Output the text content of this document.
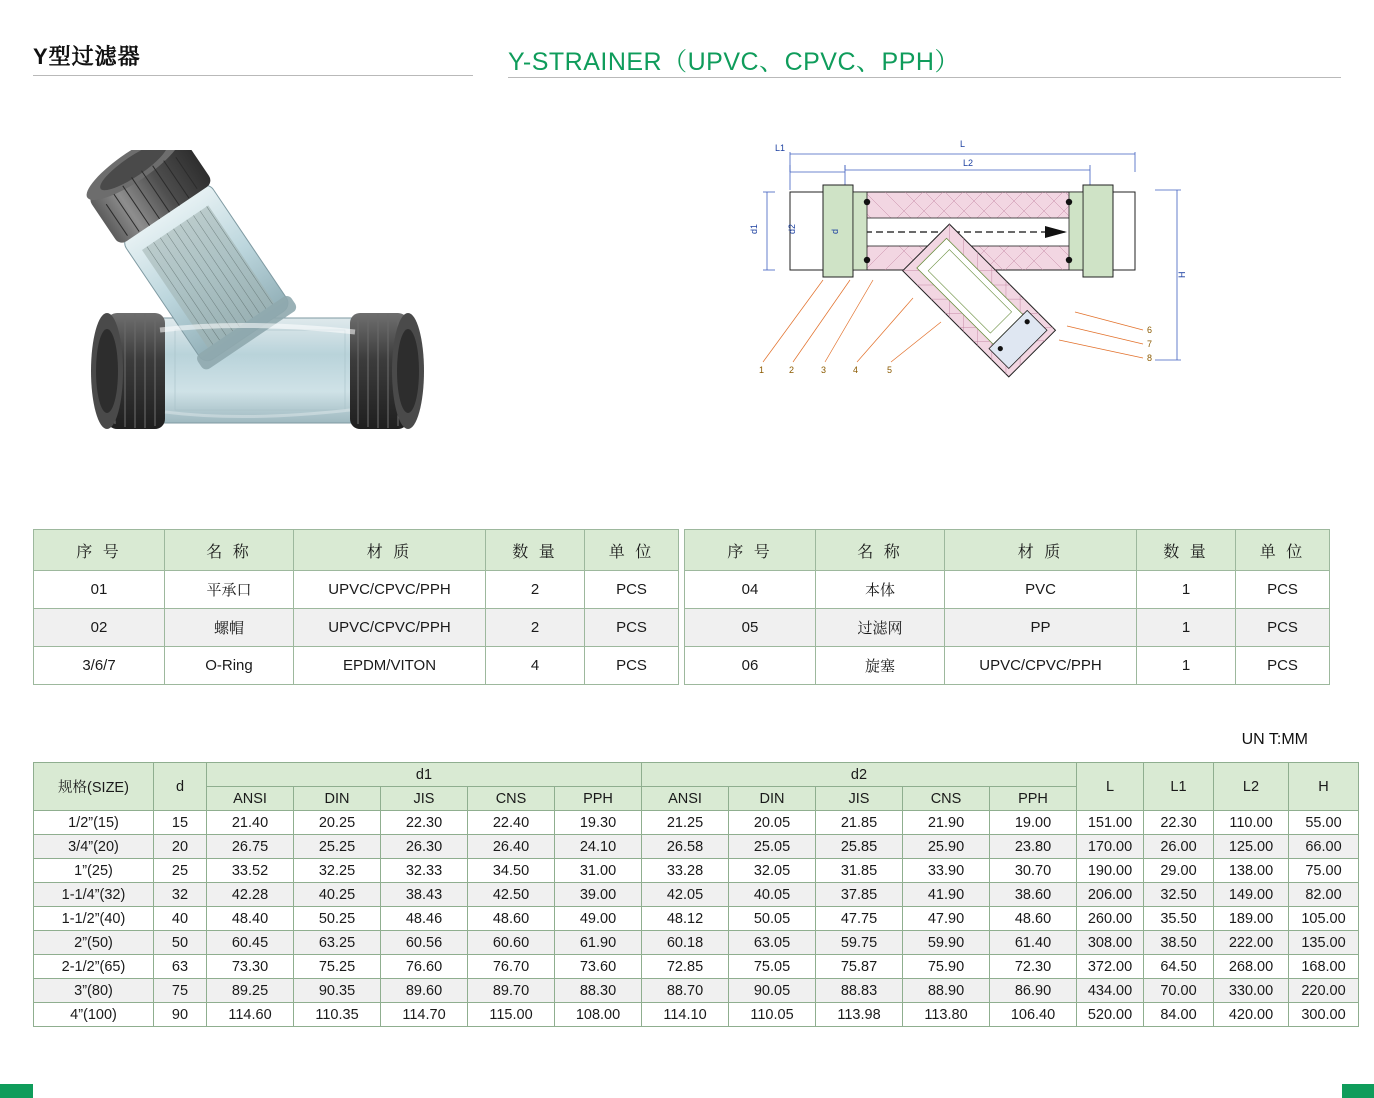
Y型过滤器	Y-STRAINER（UPVC、CPVC、PPH）
L1	L
L2
d1	d2	d
H
1	2	3	4	5
6
7
8
序 号	名 称	材 质	数 量	单 位
01	平承口	UPVC/CPVC/PPH	2	PCS
02	螺帽	UPVC/CPVC/PPH	2	PCS
3/6/7	O-Ring	EPDM/VITON	4	PCS
序 号	名 称	材 质	数 量	单 位
04	本体	PVC	1	PCS
05	过滤网	PP	1	PCS
06	旋塞	UPVC/CPVC/PPH	1	PCS
UN T:MM
规格(SIZE)	d	d1					d2					L	L1	L2	H
		ANSI	DIN	JIS	CNS	PPH	ANSI	DIN	JIS	CNS	PPH				
1/2”(15)	15	21.40	20.25	22.30	22.40	19.30	21.25	20.05	21.85	21.90	19.00	151.00	22.30	110.00	55.00
3/4”(20)	20	26.75	25.25	26.30	26.40	24.10	26.58	25.05	25.85	25.90	23.80	170.00	26.00	125.00	66.00
1”(25)	25	33.52	32.25	32.33	34.50	31.00	33.28	32.05	31.85	33.90	30.70	190.00	29.00	138.00	75.00
1-1/4”(32)	32	42.28	40.25	38.43	42.50	39.00	42.05	40.05	37.85	41.90	38.60	206.00	32.50	149.00	82.00
1-1/2”(40)	40	48.40	50.25	48.46	48.60	49.00	48.12	50.05	47.75	47.90	48.60	260.00	35.50	189.00	105.00
2”(50)	50	60.45	63.25	60.56	60.60	61.90	60.18	63.05	59.75	59.90	61.40	308.00	38.50	222.00	135.00
2-1/2”(65)	63	73.30	75.25	76.60	76.70	73.60	72.85	75.05	75.87	75.90	72.30	372.00	64.50	268.00	168.00
3”(80)	75	89.25	90.35	89.60	89.70	88.30	88.70	90.05	88.83	88.90	86.90	434.00	70.00	330.00	220.00
4”(100)	90	114.60	110.35	114.70	115.00	108.00	114.10	110.05	113.98	113.80	106.40	520.00	84.00	420.00	300.00
